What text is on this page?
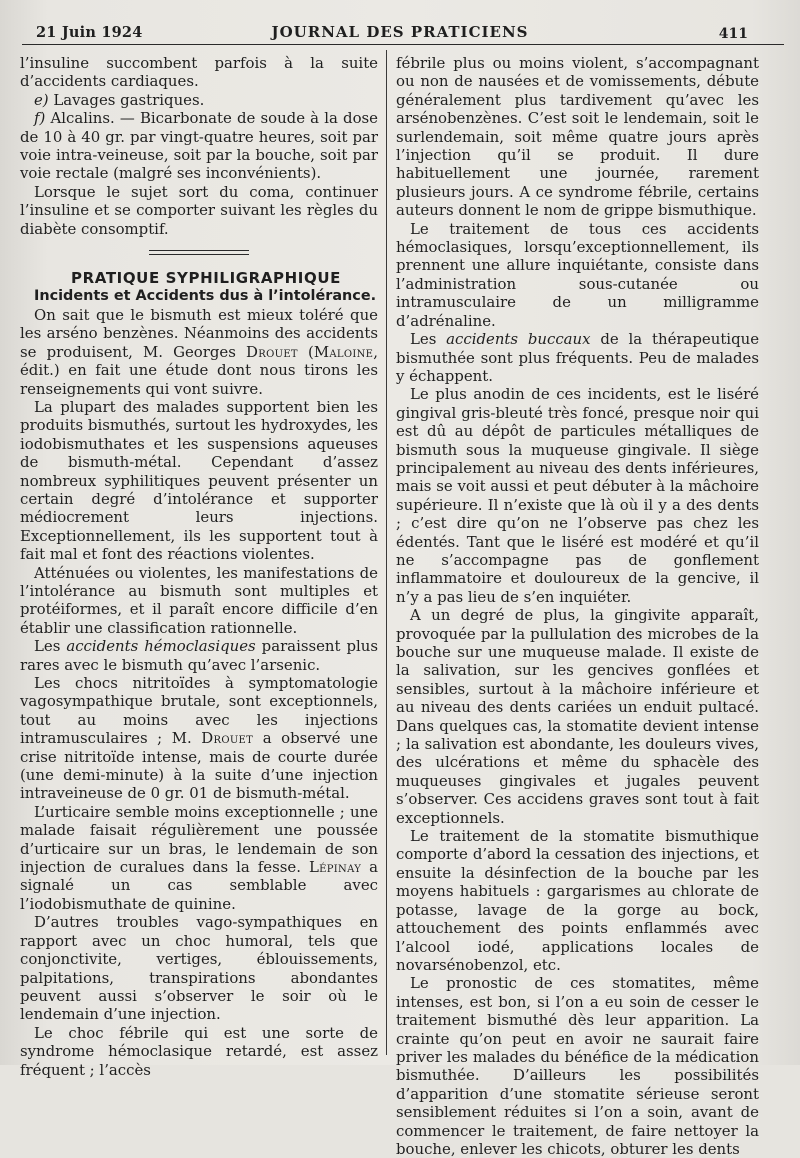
21 Juin 1924	JOURNAL DES PRATICIENS	411

l’insuline succombent parfois à la suite d’accidents cardiaques.

e) Lavages gastriques.

f) Alcalins. — Bicarbonate de soude à la dose de 10 à 40 gr. par vingt-quatre heures, soit par voie intra-veineuse, soit par la bouche, soit par voie rectale (malgré ses inconvénients).

Lorsque le sujet sort du coma, continuer l’insuline et se comporter suivant les règles du diabète consomptif.

PRATIQUE SYPHILIGRAPHIQUE

Incidents et Accidents dus à l’intolérance.

On sait que le bismuth est mieux toléré que les arséno benzènes. Néanmoins des accidents se produisent, M. Georges Drouet (Maloine, édit.) en fait une étude dont nous tirons les renseignements qui vont suivre.

La plupart des malades supportent bien les produits bismuthés, surtout les hydroxydes, les iodobismuthates et les suspensions aqueuses de bismuth-métal. Cependant d’assez nombreux syphilitiques peuvent présenter un certain degré d’intolérance et supporter médiocrement leurs injections. Exceptionnellement, ils les supportent tout à fait mal et font des réactions violentes.

Atténuées ou violentes, les manifestations de l’intolérance au bismuth sont multiples et protéiformes, et il paraît encore difficile d’en établir une classification rationnelle.

Les accidents hémoclasiques paraissent plus rares avec le bismuth qu’avec l’arsenic.

Les chocs nitritoïdes à symptomatologie vagosympathique brutale, sont exceptionnels, tout au moins avec les injections intramusculaires ; M. Drouet a observé une crise nitritoïde intense, mais de courte durée (une demi-minute) à la suite d’une injection intraveineuse de 0 gr. 01 de bismuth-métal.

L’urticaire semble moins exceptionnelle ; une malade faisait régulièrement une poussée d’urticaire sur un bras, le lendemain de son injection de curalues dans la fesse. Lépinay a signalé un cas semblable avec l’iodobismuthate de quinine.

D’autres troubles vago-sympathiques en rapport avec un choc humoral, tels que conjonctivite, vertiges, éblouissements, palpitations, transpirations abondantes peuvent aussi s’observer le soir où le lendemain d’une injection.

Le choc fébrile qui est une sorte de syndrome hémoclasique retardé, est assez fréquent ; l’accès

fébrile plus ou moins violent, s’accompagnant ou non de nausées et de vomissements, débute généralement plus tardivement qu’avec les arsénobenzènes. C’est soit le lendemain, soit le surlendemain, soit même quatre jours après l’injection qu’il se produit. Il dure habituellement une journée, rarement plusieurs jours. A ce syndrome fébrile, certains auteurs donnent le nom de grippe bismuthique.

Le traitement de tous ces accidents hémoclasiques, lorsqu’exceptionnellement, ils prennent une allure inquiétante, consiste dans l’administration sous-cutanée ou intramusculaire de un milligramme d’adrénaline.

Les accidents buccaux de la thérapeutique bismuthée sont plus fréquents. Peu de malades y échappent.

Le plus anodin de ces incidents, est le liséré gingival gris-bleuté très foncé, presque noir qui est dû au dépôt de particules métalliques de bismuth sous la muqueuse gingivale. Il siège principalement au niveau des dents inférieures, mais se voit aussi et peut débuter à la mâchoire supérieure. Il n’existe que là où il y a des dents ; c’est dire qu’on ne l’observe pas chez les édentés. Tant que le liséré est modéré et qu’il ne s’accompagne pas de gonflement inflammatoire et douloureux de la gencive, il n’y a pas lieu de s’en inquiéter.

A un degré de plus, la gingivite apparaît, provoquée par la pullulation des microbes de la bouche sur une muqueuse malade. Il existe de la salivation, sur les gencives gonflées et sensibles, surtout à la mâchoire inférieure et au niveau des dents cariées un enduit pultacé. Dans quelques cas, la stomatite devient intense ; la salivation est abondante, les douleurs vives, des ulcérations et même du sphacèle des muqueuses gingivales et jugales peuvent s’observer. Ces accidens graves sont tout à fait exceptionnels.

Le traitement de la stomatite bismuthique comporte d’abord la cessation des injections, et ensuite la désinfection de la bouche par les moyens habituels : gargarismes au chlorate de potasse, lavage de la gorge au bock, attouchement des points enflammés avec l’alcool iodé, applications locales de novarsénobenzol, etc.

Le pronostic de ces stomatites, même intenses, est bon, si l’on a eu soin de cesser le traitement bismuthé dès leur apparition. La crainte qu’on peut en avoir ne saurait faire priver les malades du bénéfice de la médication bismuthée. D’ailleurs les possibilités d’apparition d’une stomatite sérieuse seront sensiblement réduites si l’on a soin, avant de commencer le traitement, de faire nettoyer la bouche, enlever les chicots, obturer les dents
